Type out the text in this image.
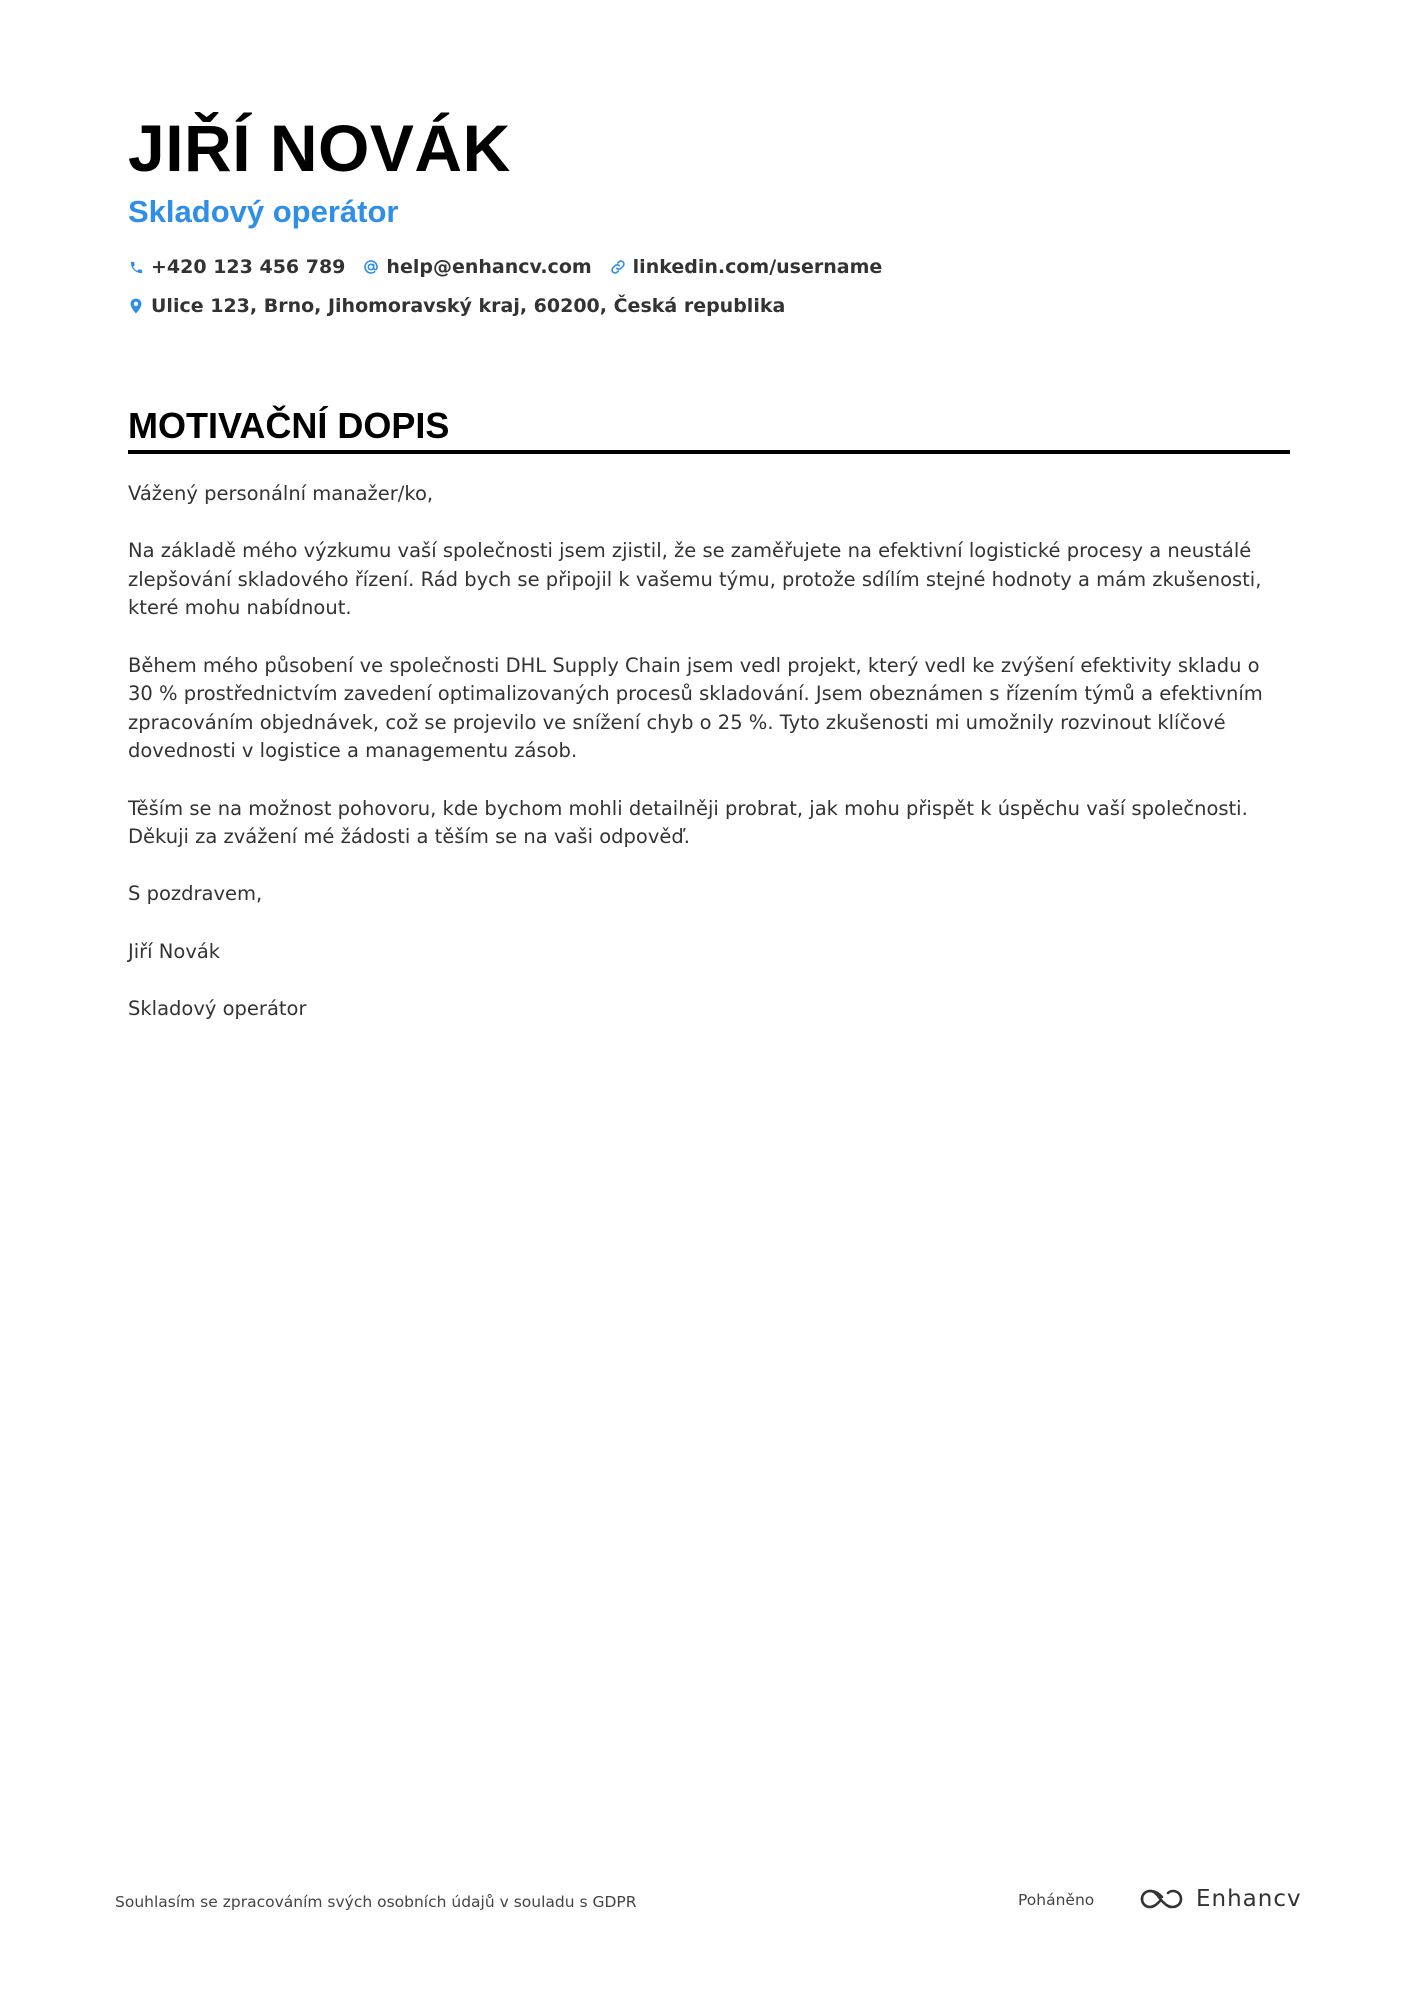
JIŘÍ NOVÁK
Skladový operátor
+420 123 456 789 help@enhancv.com linkedin.com/username
Ulice 123, Brno, Jihomoravský kraj, 60200, Česká republika
MOTIVAČNÍ DOPIS

Vážený personální manažer/ko,

Na základě mého výzkumu vaší společnosti jsem zjistil, že se zaměřujete na efektivní logistické procesy a neustálé zlepšování skladového řízení. Rád bych se připojil k vašemu týmu, protože sdílím stejné hodnoty a mám zkušenosti, které mohu nabídnout.

Během mého působení ve společnosti DHL Supply Chain jsem vedl projekt, který vedl ke zvýšení efektivity skladu o 30 % prostřednictvím zavedení optimalizovaných procesů skladování. Jsem obeznámen s řízením týmů a efektivním zpracováním objednávek, což se projevilo ve snížení chyb o 25 %. Tyto zkušenosti mi umožnily rozvinout klíčové dovednosti v logistice a managementu zásob.

Těším se na možnost pohovoru, kde bychom mohli detailněji probrat, jak mohu přispět k úspěchu vaší společnosti. Děkuji za zvážení mé žádosti a těším se na vaši odpověď.

S pozdravem,

Jiří Novák

Skladový operátor

Souhlasím se zpracováním svých osobních údajů v souladu s GDPR	Poháněno	Enhancv
